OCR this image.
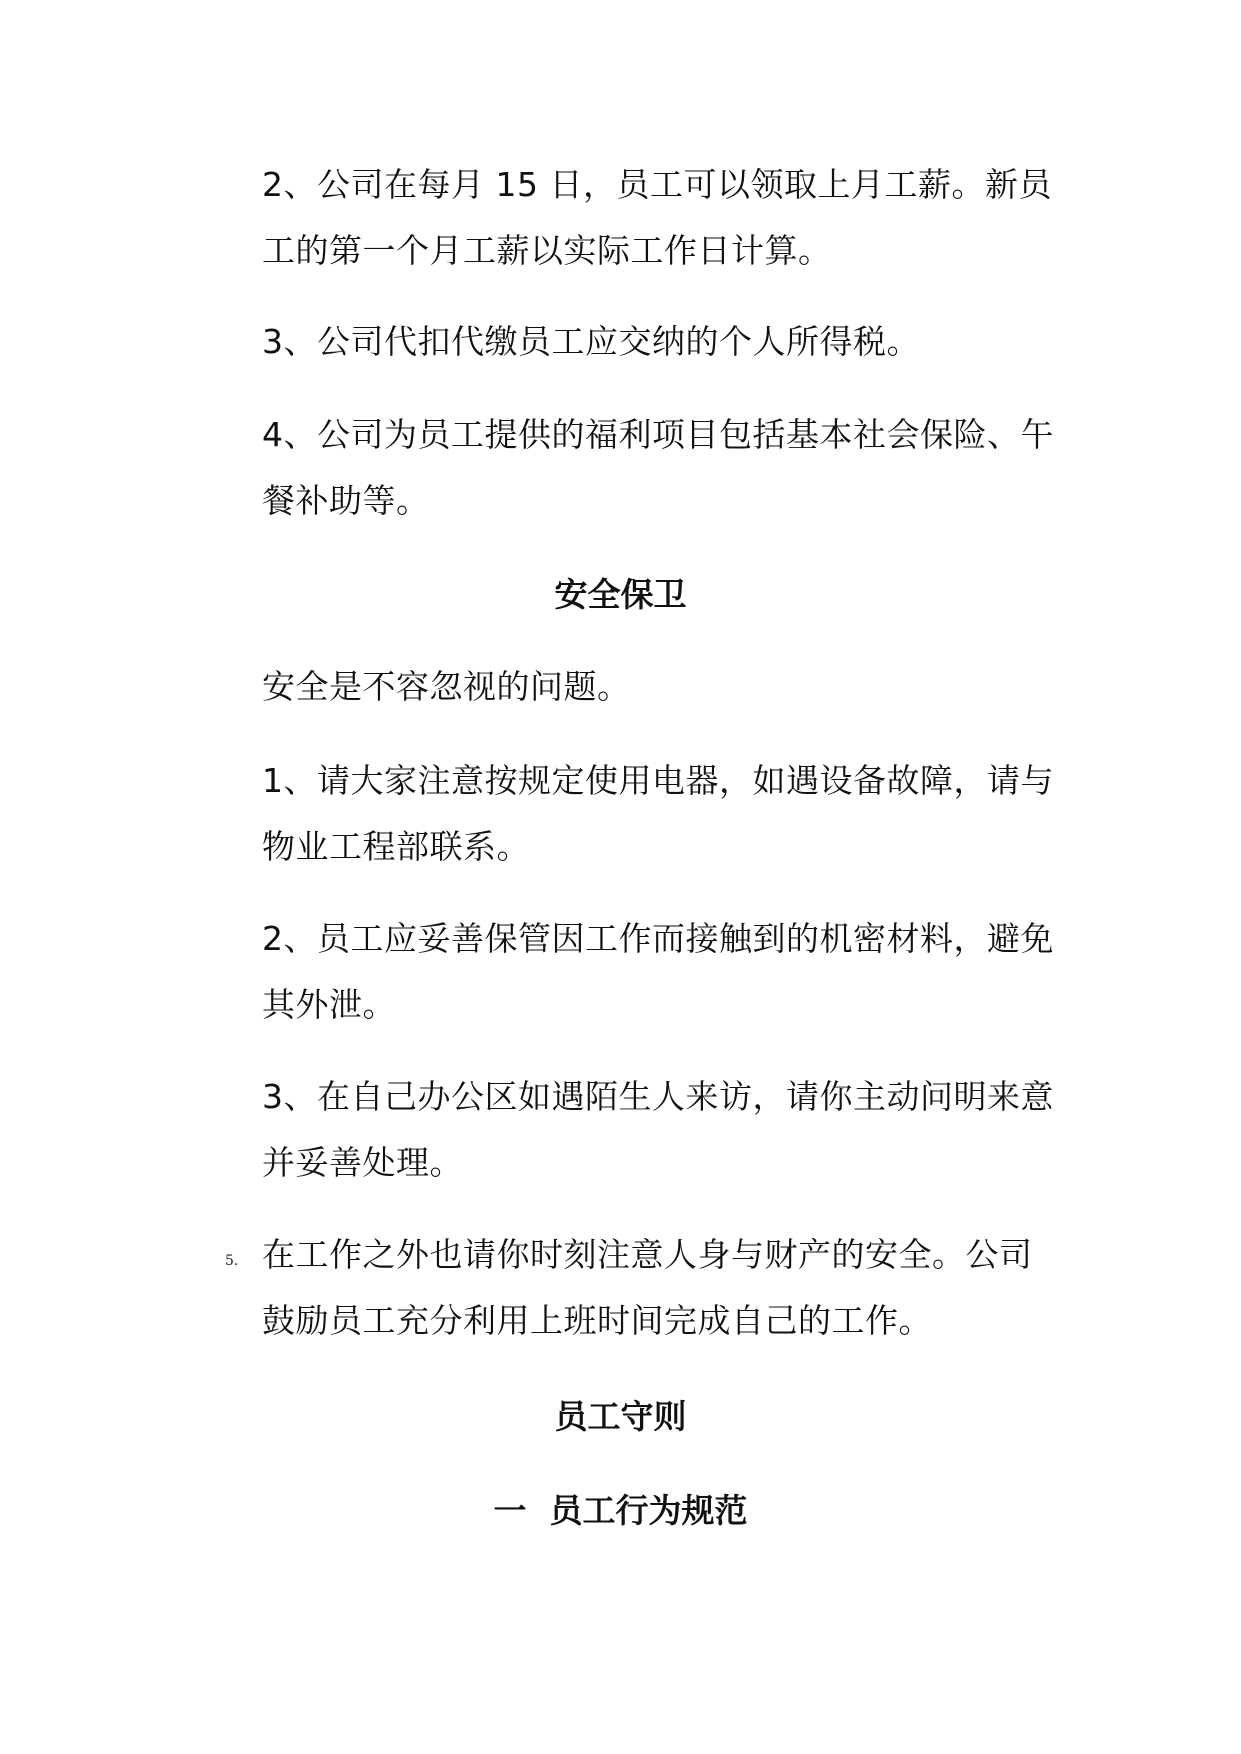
2、公司在每月 15 日，员工可以领取上月工薪。新员工的第一个月工薪以实际工作日计算。
3、公司代扣代缴员工应交纳的个人所得税。
4、公司为员工提供的福利项目包括基本社会保险、午餐补助等。
安全保卫
安全是不容忽视的问题。
1、请大家注意按规定使用电器，如遇设备故障，请与物业工程部联系。
2、员工应妥善保管因工作而接触到的机密材料，避免其外泄。
3、在自己办公区如遇陌生人来访，请你主动问明来意并妥善处理。
5. 在工作之外也请你时刻注意人身与财产的安全。公司鼓励员工充分利用上班时间完成自己的工作。
员工守则
一  员工行为规范
